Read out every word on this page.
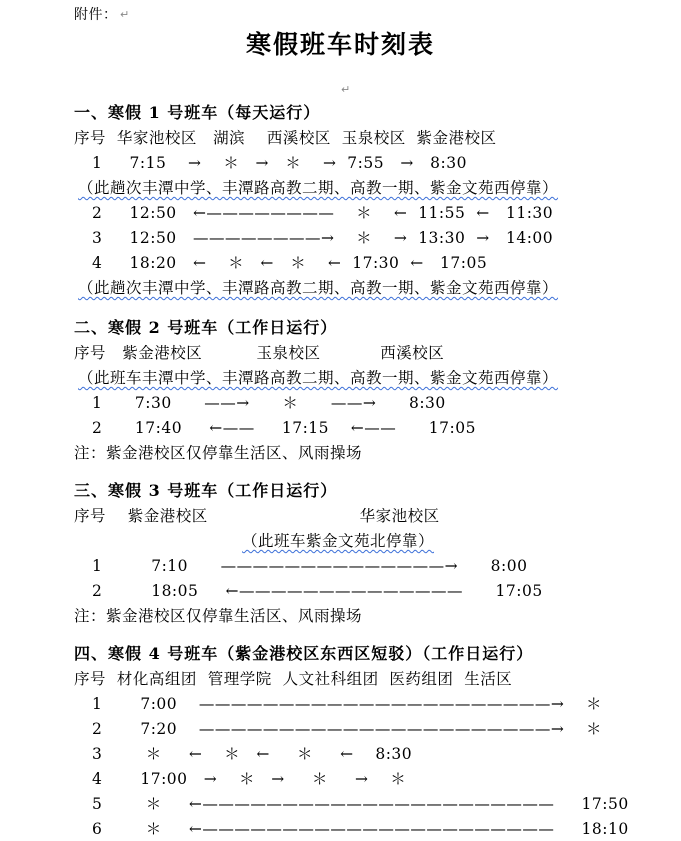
附件： ↵
寒假班车时刻表
↵
一、寒假 1 号班车（每天运行）
序号  华家池校区   湖滨    西溪校区  玉泉校区  紫金港校区
1     7:15    →    ＊   →   ＊    →  7:55   →   8:30
（此趟次丰潭中学、丰潭路高教二期、高教一期、紫金文苑西停靠）
2     12:50   ←————————    ＊    ←  11:55  ←   11:30
3     12:50   ————————→    ＊    →  13:30  →   14:00
4     18:20   ←    ＊   ←   ＊    ←  17:30  ←   17:05
（此趟次丰潭中学、丰潭路高教二期、高教一期、紫金文苑西停靠）
二、寒假 2 号班车（工作日运行）
序号   紫金港校区          玉泉校区           西溪校区
（此班车丰潭中学、丰潭路高教二期、高教一期、紫金文苑西停靠）
1      7:30      ——→      ＊      ——→      8:30
2      17:40     ←——     17:15    ←——      17:05
注：紫金港校区仅停靠生活区、风雨操场
三、寒假 3 号班车（工作日运行）
序号    紫金港校区                            华家池校区
（此班车紫金文苑北停靠）
1         7:10      ——————————————→      8:00
2         18:05     ←——————————————      17:05
注：紫金港校区仅停靠生活区、风雨操场
四、寒假 4 号班车（紫金港校区东西区短驳）（工作日运行）
序号  材化高组团  管理学院  人文社科组团  医药组团  生活区
1       7:00    ——————————————————————→    ＊
2       7:20    ——————————————————————→    ＊
3        ＊     ←    ＊   ←     ＊     ←    8:30
4       17:00   →    ＊   →     ＊     →    ＊
5        ＊     ←——————————————————————     17:50
6        ＊     ←——————————————————————     18:10
